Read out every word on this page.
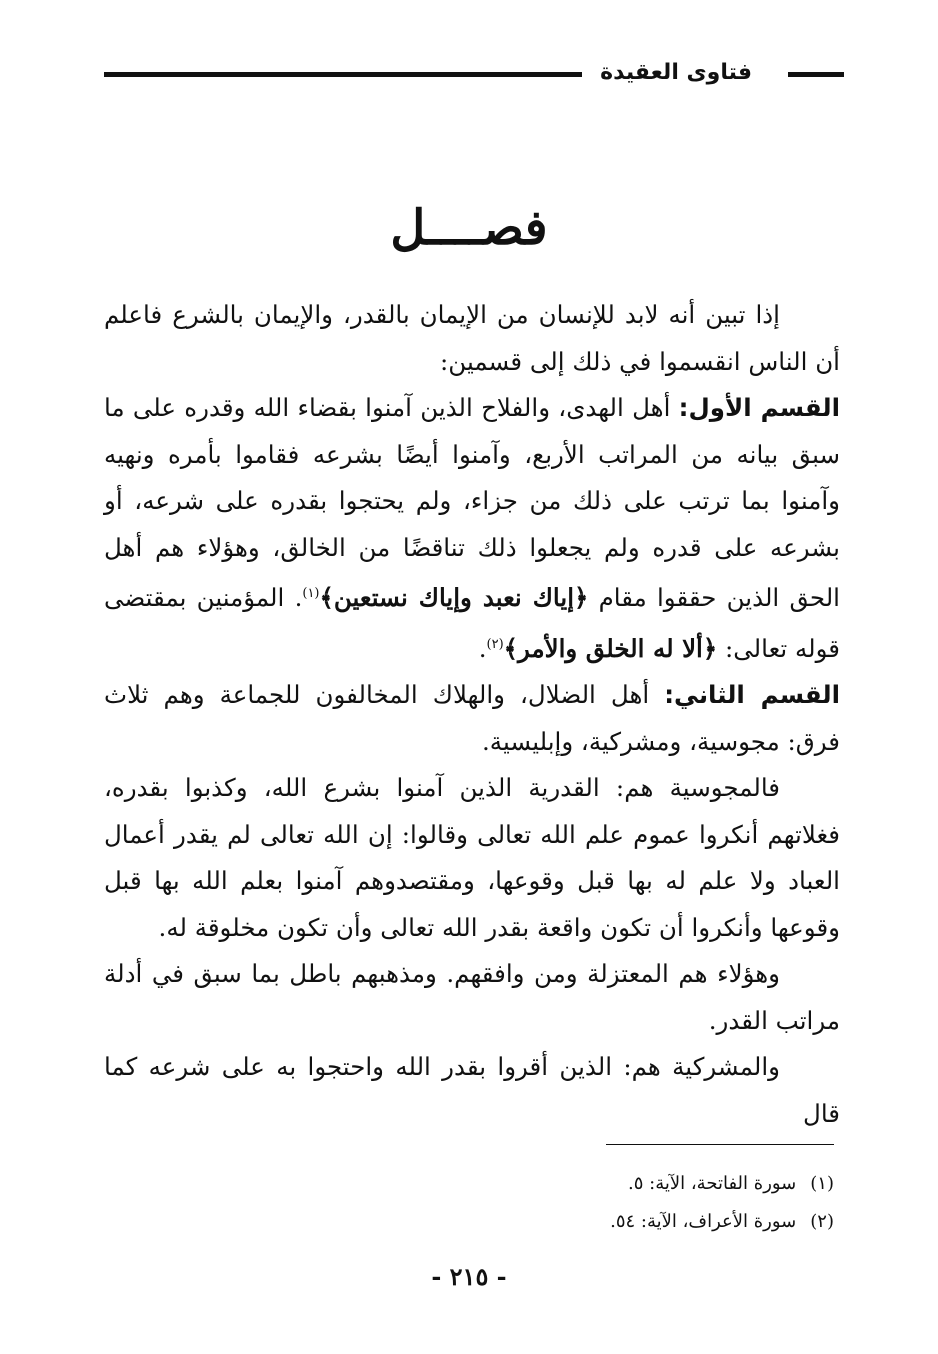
فتاوى العقيدة
فصــــل

إذا تبين أنه لابد للإنسان من الإيمان بالقدر، والإيمان بالشرع فاعلم أن الناس انقسموا في ذلك إلى قسمين:

القسم الأول: أهل الهدى، والفلاح الذين آمنوا بقضاء الله وقدره على ما سبق بيانه من المراتب الأربع، وآمنوا أيضًا بشرعه فقاموا بأمره ونهيه وآمنوا بما ترتب على ذلك من جزاء، ولم يحتجوا بقدره على شرعه، أو بشرعه على قدره ولم يجعلوا ذلك تناقضًا من الخالق، وهؤلاء هم أهل الحق الذين حققوا مقام ﴿إياك نعبد وإياك نستعين﴾$^{(١)}$. المؤمنين بمقتضى قوله تعالى: ﴿ألا له الخلق والأمر﴾$^{(٢)}$.

القسم الثاني: أهل الضلال، والهلاك المخالفون للجماعة وهم ثلاث فرق: مجوسية، ومشركية، وإبليسية.

فالمجوسية هم: القدرية الذين آمنوا بشرع الله، وكذبوا بقدره، فغلاتهم أنكروا عموم علم الله تعالى وقالوا: إن الله تعالى لم يقدر أعمال العباد ولا علم له بها قبل وقوعها، ومقتصدوهم آمنوا بعلم الله بها قبل وقوعها وأنكروا أن تكون واقعة بقدر الله تعالى وأن تكون مخلوقة له.

وهؤلاء هم المعتزلة ومن وافقهم. ومذهبهم باطل بما سبق في أدلة مراتب القدر.

والمشركية هم: الذين أقروا بقدر الله واحتجوا به على شرعه كما قال

(١)
سورة الفاتحة، الآية: ٥.
(٢)
سورة الأعراف، الآية: ٥٤.
- ٢١٥ -
